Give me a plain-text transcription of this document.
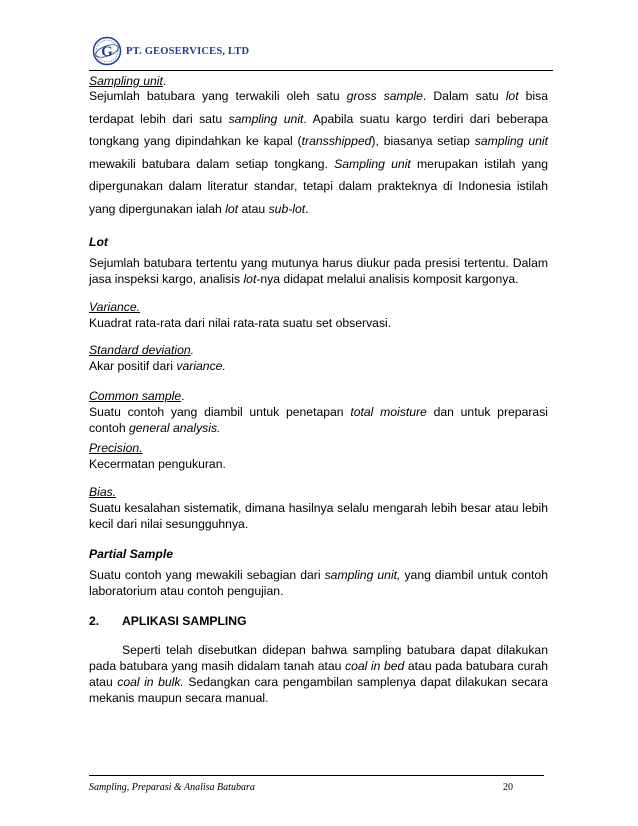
G PT. GEOSERVICES, LTD

Sampling unit.

Sejumlah batubara yang terwakili oleh satu gross sample. Dalam satu lot bisa terdapat lebih dari satu sampling unit. Apabila suatu kargo terdiri dari beberapa tongkang yang dipindahkan ke kapal (transshipped), biasanya setiap sampling unit mewakili batubara dalam setiap tongkang. Sampling unit merupakan istilah yang dipergunakan dalam literatur standar, tetapi dalam prakteknya di Indonesia istilah yang dipergunakan ialah lot atau sub-lot.

Lot

Sejumlah batubara tertentu yang mutunya harus diukur pada presisi tertentu. Dalam jasa inspeksi kargo, analisis lot-nya didapat melalui analisis komposit kargonya.

Variance.

Kuadrat rata-rata dari nilai rata-rata suatu set observasi.

Standard deviation.

Akar positif dari variance.

Common sample.

Suatu contoh yang diambil untuk penetapan total moisture dan untuk preparasi contoh general analysis.

Precision.

Kecermatan pengukuran.

Bias.

Suatu kesalahan sistematik, dimana hasilnya selalu mengarah lebih besar atau lebih kecil dari nilai sesungguhnya.

Partial Sample

Suatu contoh yang mewakili sebagian dari sampling unit, yang diambil untuk contoh laboratorium atau contoh pengujian.

2.	APLIKASI SAMPLING

Seperti telah disebutkan didepan bahwa sampling batubara dapat dilakukan pada batubara yang masih didalam tanah atau coal in bed atau pada batubara curah atau coal in bulk. Sedangkan cara pengambilan samplenya dapat dilakukan secara mekanis maupun secara manual.

Sampling, Preparasi & Analisa Batubara	20
